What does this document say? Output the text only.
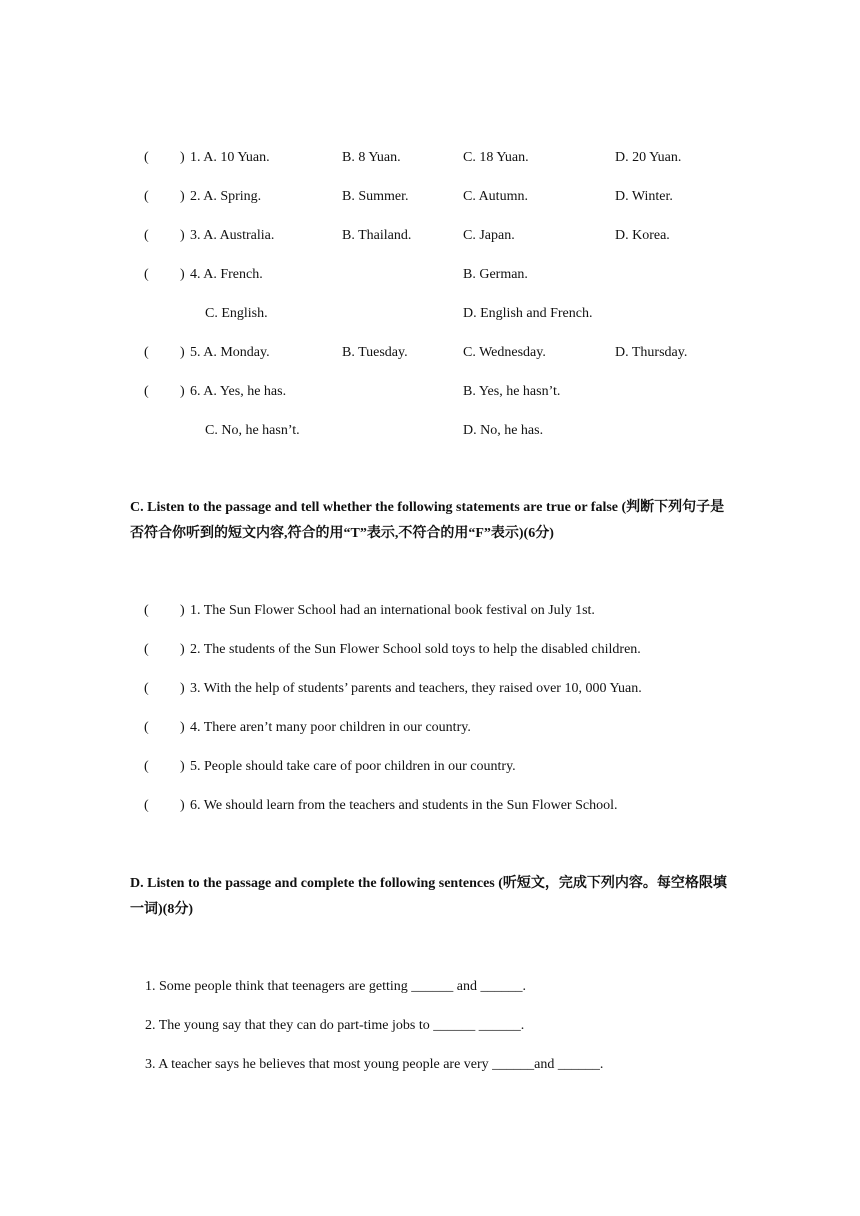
( ) 1. A. 10 Yuan.	B. 8 Yuan.	C. 18 Yuan.	D. 20 Yuan.
( ) 2. A. Spring.	B. Summer.	C. Autumn.	D. Winter.
( ) 3. A. Australia.	B. Thailand.	C. Japan.	D. Korea.
( ) 4. A. French.	B. German.
C. English.	D. English and French.
( ) 5. A. Monday.	B. Tuesday.	C. Wednesday.	D. Thursday.
( ) 6. A. Yes, he has.	B. Yes, he hasn’t.
C. No, he hasn’t.	D. No, he has.
C. Listen to the passage and tell whether the following statements are true or false (判断下列句子是否符合你听到的短文内容,符合的用“T”表示,不符合的用“F”表示)(6分)
( ) 1. The Sun Flower School had an international book festival on July 1st.
( ) 2. The students of the Sun Flower School sold toys to help the disabled children.
( ) 3. With the help of students’ parents and teachers, they raised over 10, 000 Yuan.
( ) 4. There aren’t many poor children in our country.
( ) 5. People should take care of poor children in our country.
( ) 6. We should learn from the teachers and students in the Sun Flower School.
D. Listen to the passage and complete the following sentences (听短文，完成下列内容。每空格限填一词)(8分)
1. Some people think that teenagers are getting ______ and ______.
2. The young say that they can do part-time jobs to ______ ______.
3. A teacher says he believes that most young people are very ______and ______.
